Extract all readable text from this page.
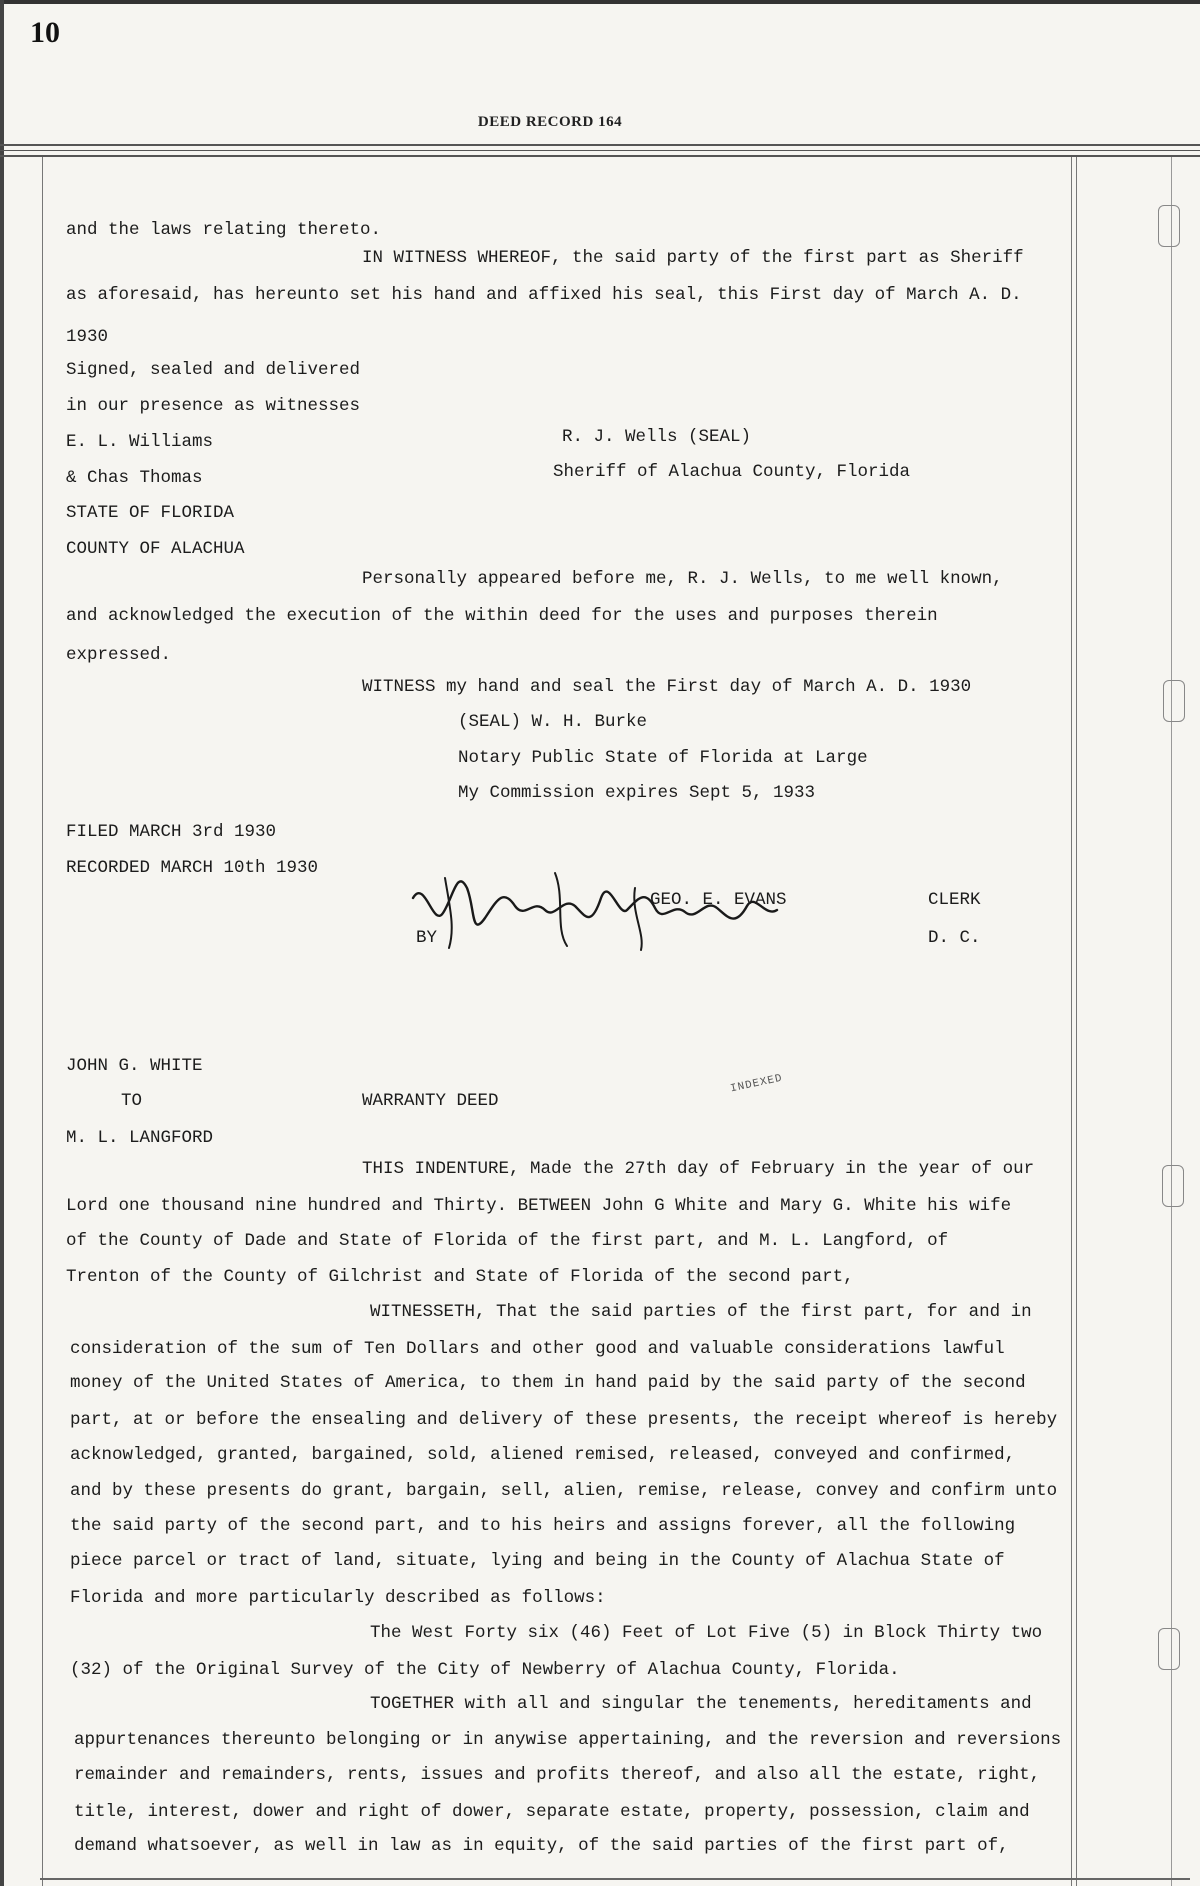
10
DEED RECORD 164
and the laws relating thereto.
IN WITNESS WHEREOF, the said party of the first part as Sheriff
as aforesaid, has hereunto set his hand and affixed his seal, this First day of March A. D.
1930
Signed, sealed and delivered
in our presence as witnesses
E. L. Williams	R. J. Wells (SEAL)
& Chas Thomas	Sheriff of Alachua County, Florida
STATE OF FLORIDA
COUNTY OF ALACHUA
Personally appeared before me, R. J. Wells, to me well known,
and acknowledged the execution of the within deed for the uses and purposes therein
expressed.
WITNESS my hand and seal the First day of March A. D. 1930
(SEAL) W. H. Burke
Notary Public State of Florida at Large
My Commission expires Sept 5, 1933
FILED MARCH 3rd 1930
RECORDED MARCH 10th 1930
GEO. E. EVANS	CLERK
BY	D. C.
JOHN G. WHITE
TO	WARRANTY DEED
M. L. LANGFORD
THIS INDENTURE, Made the 27th day of February in the year of our
Lord one thousand nine hundred and Thirty. BETWEEN John G White and Mary G. White his wife
of the County of Dade and State of Florida of the first part, and M. L. Langford, of
Trenton of the County of Gilchrist and State of Florida of the second part,
WITNESSETH, That the said parties of the first part, for and in
consideration of the sum of Ten Dollars and other good and valuable considerations lawful
money of the United States of America, to them in hand paid by the said party of the second
part, at or before the ensealing and delivery of these presents, the receipt whereof is hereby
acknowledged, granted, bargained, sold, aliened remised, released, conveyed and confirmed,
and by these presents do grant, bargain, sell, alien, remise, release, convey and confirm unto
the said party of the second part, and to his heirs and assigns forever, all the following
piece parcel or tract of land, situate, lying and being in the County of Alachua State of
Florida and more particularly described as follows:
The West Forty six (46) Feet of Lot Five (5) in Block Thirty two
(32) of the Original Survey of the City of Newberry of Alachua County, Florida.
TOGETHER with all and singular the tenements, hereditaments and
appurtenances thereunto belonging or in anywise appertaining, and the reversion and reversions
remainder and remainders, rents, issues and profits thereof, and also all the estate, right,
title, interest, dower and right of dower, separate estate, property, possession, claim and
demand whatsoever, as well in law as in equity, of the said parties of the first part of,
INDEXED
